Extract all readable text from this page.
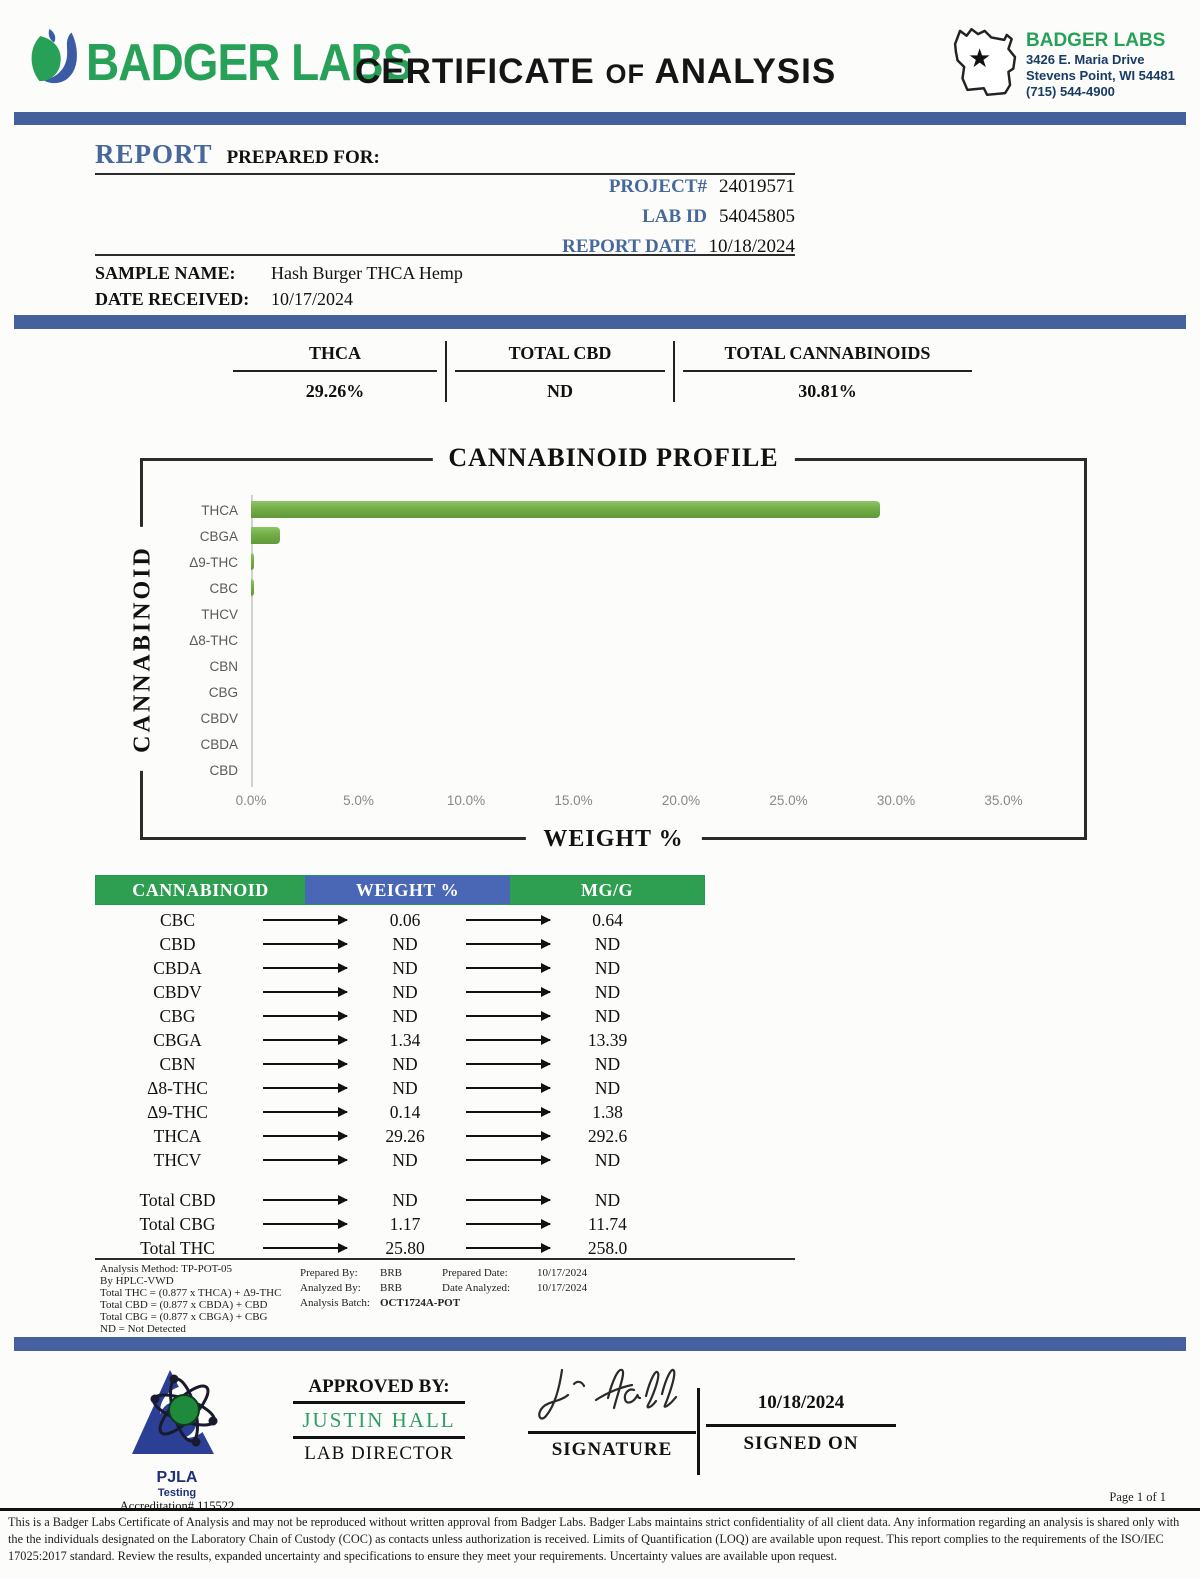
BADGER LABS
CERTIFICATE OF ANALYSIS	★
BADGER LABS
3426 E. Maria Drive
Stevens Point, WI 54481
(715) 544-4900
REPORT PREPARED FOR:
PROJECT# 24019571
LAB ID 54045805
REPORT DATE 10/18/2024
SAMPLE NAME: Hash Burger THCA Hemp
DATE RECEIVED: 10/17/2024
THCA
29.26%
TOTAL CBD
ND
TOTAL CANNABINOIDS
30.81%
CANNABINOID PROFILE
CANNABINOID
THCA
CBGA
Δ9-THC
CBC
THCV
Δ8-THC
CBN
CBG
CBDV
CBDA
CBD
0.0%	5.0%	10.0%	15.0%	20.0%	25.0%	30.0%	35.0%
WEIGHT %
CANNABINOID	WEIGHT %	MG/G
CBC	0.06	0.64
CBD	ND	ND
CBDA	ND	ND
CBDV	ND	ND
CBG	ND	ND
CBGA	1.34	13.39
CBN	ND	ND
Δ8-THC	ND	ND
Δ9-THC	0.14	1.38
THCA	29.26	292.6
THCV	ND	ND
Total CBD	ND	ND
Total CBG	1.17	11.74
Total THC	25.80	258.0
Analysis Method: TP-POT-05
By HPLC-VWD
Total THC = (0.877 x THCA) + Δ9-THC
Total CBD = (0.877 x CBDA) + CBD
Total CBG = (0.877 x CBGA) + CBG
ND = Not Detected
Prepared By:	BRB	Prepared Date:	10/17/2024
Analyzed By:	BRB	Date Analyzed:	10/17/2024
Analysis Batch: OCT1724A-POT
PJLA
Testing
Accreditation# 115522
APPROVED BY:
JUSTIN HALL
LAB DIRECTOR	SIGNATURE
10/18/2024
SIGNED ON
Page 1 of 1
This is a Badger Labs Certificate of Analysis and may not be reproduced without written approval from Badger Labs. Badger Labs maintains strict confidentiality of all client data. Any information regarding an analysis is shared only with the the individuals designated on the Laboratory Chain of Custody (COC) as contacts unless authorization is received. Limits of Quantification (LOQ) are available upon request. This report complies to the requirements of the ISO/IEC 17025:2017 standard. Review the results, expanded uncertainty and specifications to ensure they meet your requirements. Uncertainty values are available upon request.
